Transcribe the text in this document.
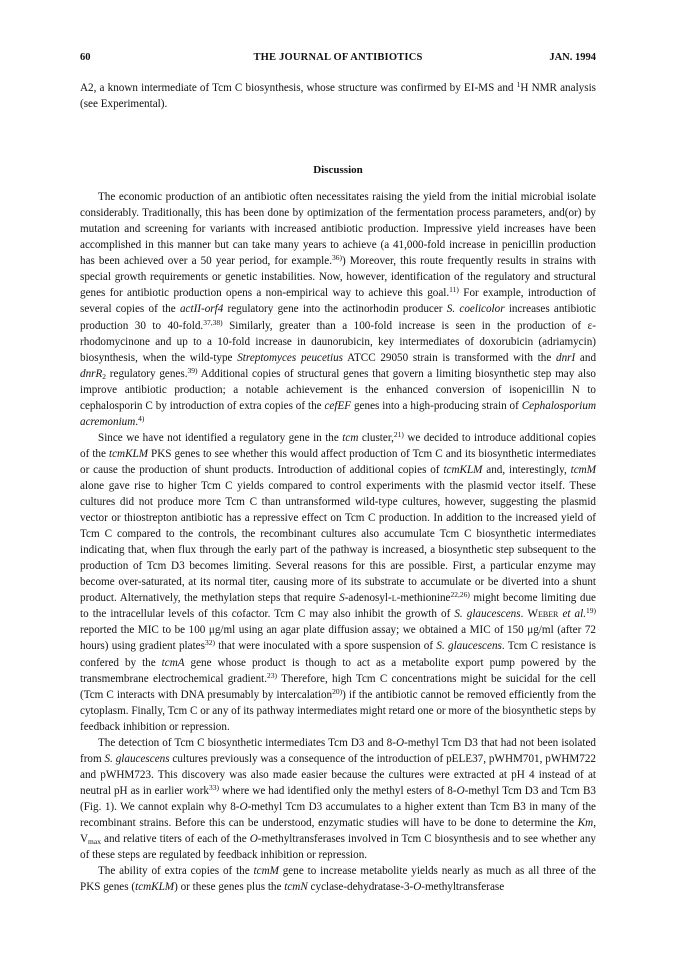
60	THE JOURNAL OF ANTIBIOTICS	JAN. 1994

A2, a known intermediate of Tcm C biosynthesis, whose structure was confirmed by EI-MS and $^1$H NMR analysis (see Experimental).

Discussion

The economic production of an antibiotic often necessitates raising the yield from the initial microbial isolate considerably. Traditionally, this has been done by optimization of the fermentation process parameters, and(or) by mutation and screening for variants with increased antibiotic production. Impressive yield increases have been accomplished in this manner but can take many years to achieve (a 41,000-fold increase in penicillin production has been achieved over a 50 year period, for example.$^{36)}$) Moreover, this route frequently results in strains with special growth requirements or genetic instabilities. Now, however, identification of the regulatory and structural genes for antibiotic production opens a non-empirical way to achieve this goal.$^{11)}$ For example, introduction of several copies of the actII-orf4 regulatory gene into the actinorhodin producer S. coelicolor increases antibiotic production 30 to 40-fold.$^{37,38)}$ Similarly, greater than a 100-fold increase is seen in the production of ε-rhodomycinone and up to a 10-fold increase in daunorubicin, key intermediates of doxorubicin (adriamycin) biosynthesis, when the wild-type Streptomyces peucetius ATCC 29050 strain is transformed with the dnrI and dnrR$_2$ regulatory genes.$^{39)}$ Additional copies of structural genes that govern a limiting biosynthetic step may also improve antibiotic production; a notable achievement is the enhanced conversion of isopenicillin N to cephalosporin C by introduction of extra copies of the cefEF genes into a high-producing strain of Cephalosporium acremonium.$^{4)}$

Since we have not identified a regulatory gene in the tcm cluster,$^{21)}$ we decided to introduce additional copies of the tcmKLM PKS genes to see whether this would affect production of Tcm C and its biosynthetic intermediates or cause the production of shunt products. Introduction of additional copies of tcmKLM and, interestingly, tcmM alone gave rise to higher Tcm C yields compared to control experiments with the plasmid vector itself. These cultures did not produce more Tcm C than untransformed wild-type cultures, however, suggesting the plasmid vector or thiostrepton antibiotic has a repressive effect on Tcm C production. In addition to the increased yield of Tcm C compared to the controls, the recombinant cultures also accumulate Tcm C biosynthetic intermediates indicating that, when flux through the early part of the pathway is increased, a biosynthetic step subsequent to the production of Tcm D3 becomes limiting. Several reasons for this are possible. First, a particular enzyme may become over-saturated, at its normal titer, causing more of its substrate to accumulate or be diverted into a shunt product. Alternatively, the methylation steps that require S-adenosyl-l-methionine$^{22,26)}$ might become limiting due to the intracellular levels of this cofactor. Tcm C may also inhibit the growth of S. glaucescens. Weber et al.$^{19)}$ reported the MIC to be 100 μg/ml using an agar plate diffusion assay; we obtained a MIC of 150 μg/ml (after 72 hours) using gradient plates$^{32)}$ that were inoculated with a spore suspension of S. glaucescens. Tcm C resistance is confered by the tcmA gene whose product is though to act as a metabolite export pump powered by the transmembrane electrochemical gradient.$^{23)}$ Therefore, high Tcm C concentrations might be suicidal for the cell (Tcm C interacts with DNA presumably by intercalation$^{20)}$) if the antibiotic cannot be removed efficiently from the cytoplasm. Finally, Tcm C or any of its pathway intermediates might retard one or more of the biosynthetic steps by feedback inhibition or repression.

The detection of Tcm C biosynthetic intermediates Tcm D3 and 8-O-methyl Tcm D3 that had not been isolated from S. glaucescens cultures previously was a consequence of the introduction of pELE37, pWHM701, pWHM722 and pWHM723. This discovery was also made easier because the cultures were extracted at pH 4 instead of at neutral pH as in earlier work$^{33)}$ where we had identified only the methyl esters of 8-O-methyl Tcm D3 and Tcm B3 (Fig. 1). We cannot explain why 8-O-methyl Tcm D3 accumulates to a higher extent than Tcm B3 in many of the recombinant strains. Before this can be understood, enzymatic studies will have to be done to determine the Km, $V_{max}$ and relative titers of each of the O-methyltransferases involved in Tcm C biosynthesis and to see whether any of these steps are regulated by feedback inhibition or repression.

The ability of extra copies of the tcmM gene to increase metabolite yields nearly as much as all three of the PKS genes (tcmKLM) or these genes plus the tcmN cyclase-dehydratase-3-O-methyltransferase
